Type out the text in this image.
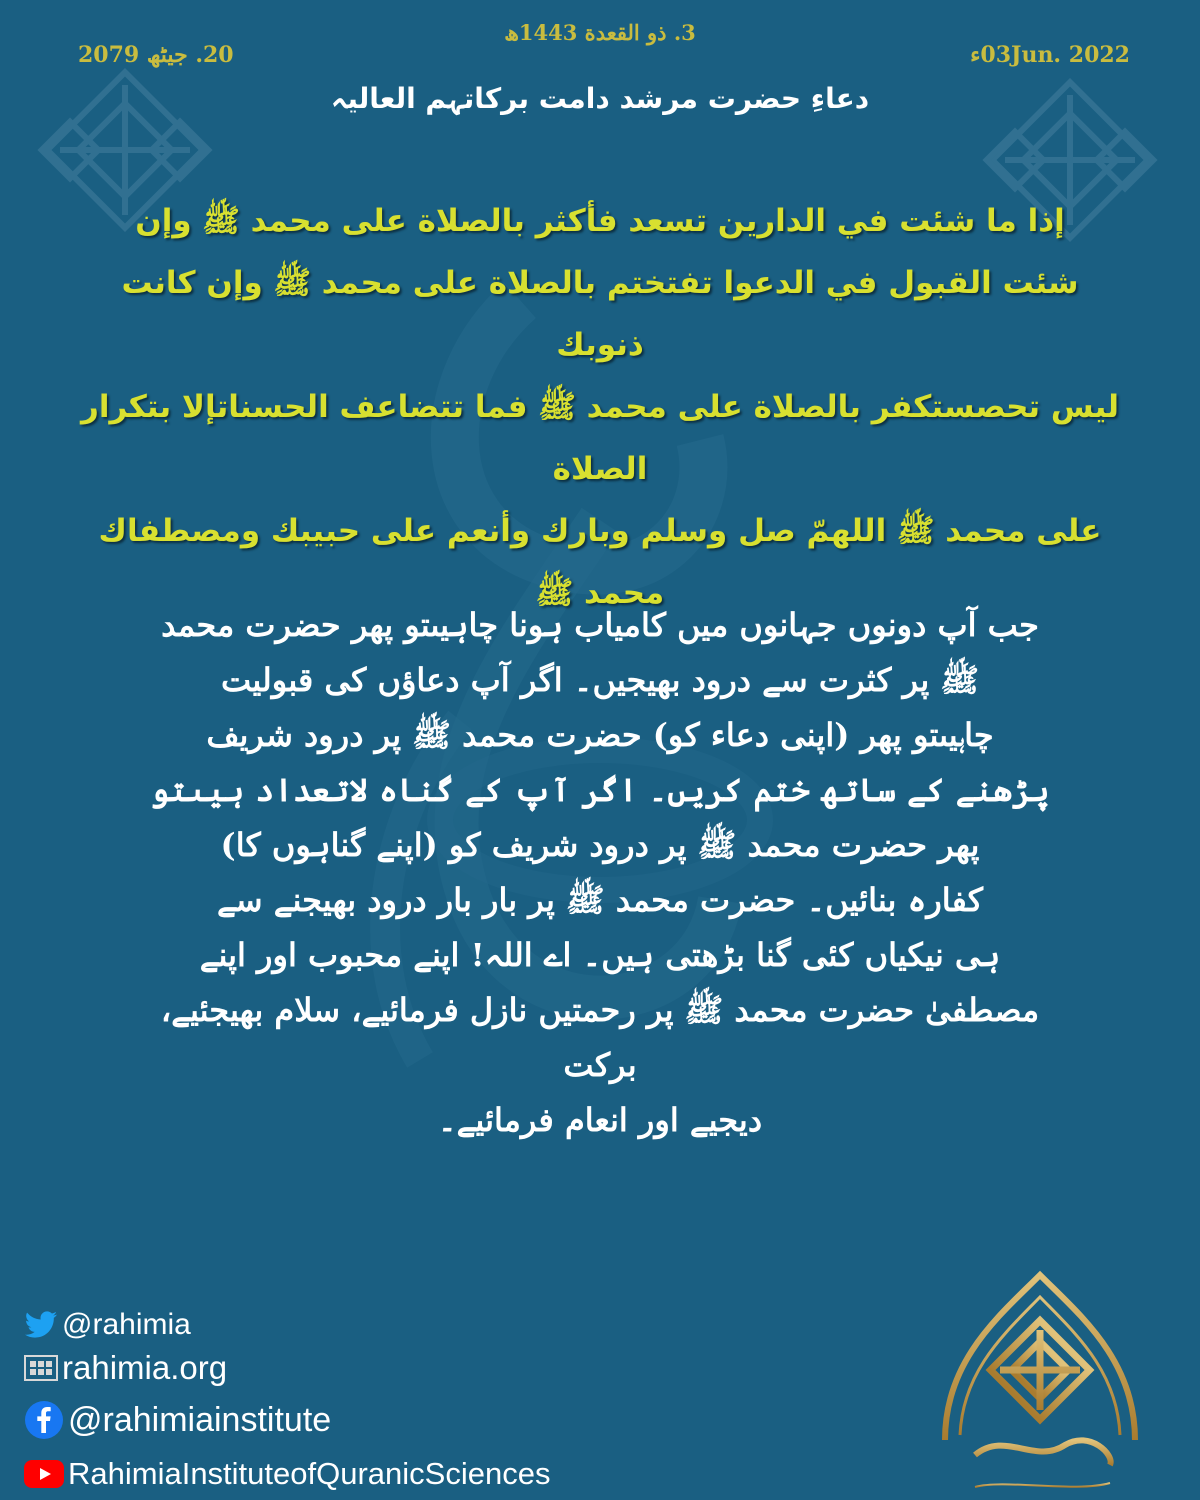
20. جیٹھ 2079
3. ذو القعدة 1443ھ
03Jun. 2022ء
دعاءِ حضرت مرشد دامت برکاتہم العالیہ
إذا ما شئت في الدارين تسعد فأكثر بالصلاة على محمد ﷺ وإن
شئت القبول في الدعوا تفتختم بالصلاة على محمد ﷺ وإن كانت ذنوبك
ليس تحصستكفر بالصلاة على محمد ﷺ فما تتضاعف الحسناتإلا بتكرار الصلاة
على محمد ﷺ اللهمّ صل وسلم وبارك وأنعم على حبيبك ومصطفاك
محمد ﷺ
جب آپ دونوں جہانوں میں کامیاب ہونا چاہیںتو پھر حضرت محمد
ﷺ پر کثرت سے درود بھیجیں۔ اگر آپ دعاؤں کی قبولیت
چاہیںتو پھر (اپنی دعاء کو) حضرت محمد ﷺ پر درود شریف
پڑھنے کے ساتھ ختم کریں۔ اگر آپ کے گناہ لاتعداد ہیںتو
پھر حضرت محمد ﷺ پر درود شریف کو (اپنے گناہوں کا)
کفارہ بنائیں۔ حضرت محمد ﷺ پر بار بار درود بھیجنے سے
ہی نیکیاں کئی گنا بڑھتی ہیں۔ اے اللہ! اپنے محبوب اور اپنے
مصطفیٰ حضرت محمد ﷺ پر رحمتیں نازل فرمائیے، سلام بھیجئیے، برکت
دیجیے اور انعام فرمائیے۔
@rahimia
rahimia.org
@rahimiainstitute
RahimiaInstituteofQuranicSciences
